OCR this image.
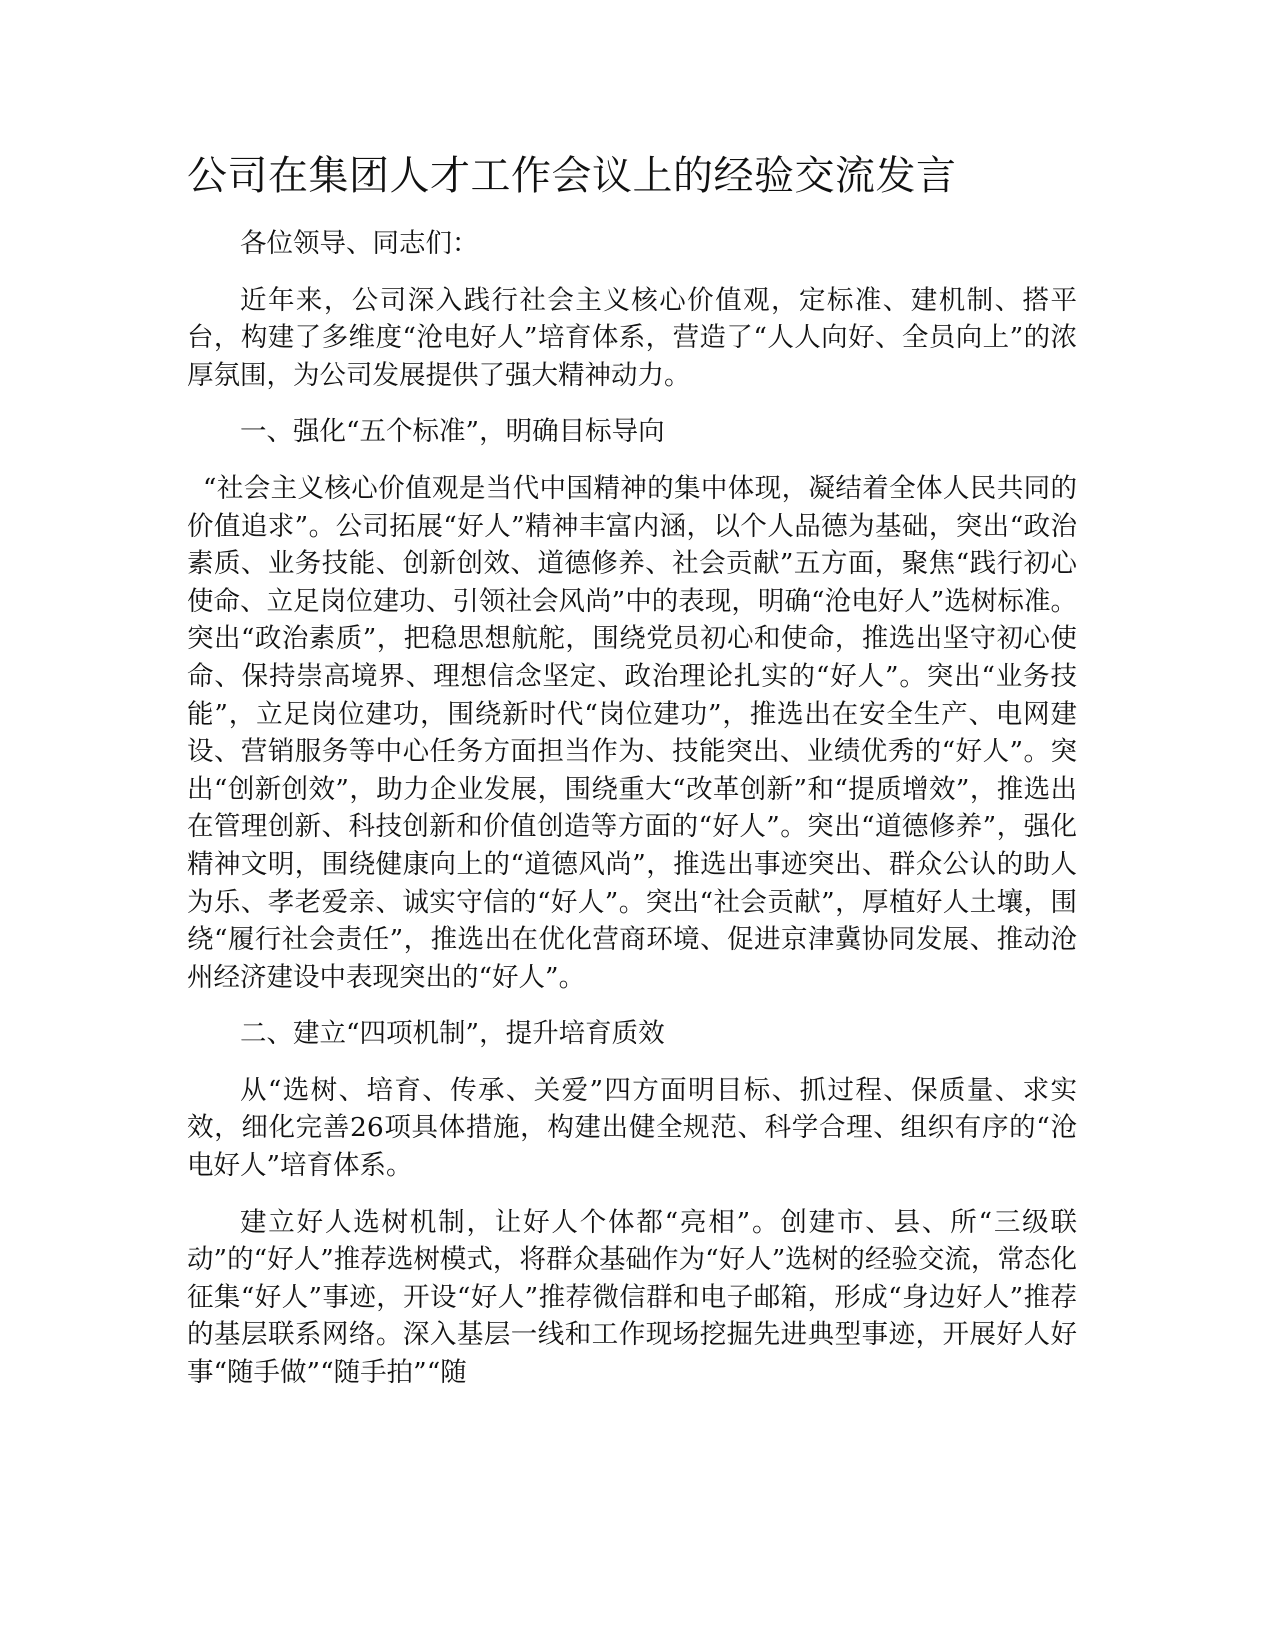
公司在集团人才工作会议上的经验交流发言

各位领导、同志们：

近年来，公司深入践行社会主义核心价值观，定标准、建机制、搭平台，构建了多维度“沧电好人”培育体系，营造了“人人向好、全员向上”的浓厚氛围，为公司发展提供了强大精神动力。

一、强化“五个标准”，明确目标导向

“社会主义核心价值观是当代中国精神的集中体现，凝结着全体人民共同的价值追求”。公司拓展“好人”精神丰富内涵，以个人品德为基础，突出“政治素质、业务技能、创新创效、道德修养、社会贡献”五方面，聚焦“践行初心使命、立足岗位建功、引领社会风尚”中的表现，明确“沧电好人”选树标准。突出“政治素质”，把稳思想航舵，围绕党员初心和使命，推选出坚守初心使命、保持崇高境界、理想信念坚定、政治理论扎实的“好人”。突出“业务技能”，立足岗位建功，围绕新时代“岗位建功”，推选出在安全生产、电网建设、营销服务等中心任务方面担当作为、技能突出、业绩优秀的“好人”。突出“创新创效”，助力企业发展，围绕重大“改革创新”和“提质增效”，推选出在管理创新、科技创新和价值创造等方面的“好人”。突出“道德修养”，强化精神文明，围绕健康向上的“道德风尚”，推选出事迹突出、群众公认的助人为乐、孝老爱亲、诚实守信的“好人”。突出“社会贡献”，厚植好人土壤，围绕“履行社会责任”，推选出在优化营商环境、促进京津冀协同发展、推动沧州经济建设中表现突出的“好人”。

二、建立“四项机制”，提升培育质效

从“选树、培育、传承、关爱”四方面明目标、抓过程、保质量、求实效，细化完善26项具体措施，构建出健全规范、科学合理、组织有序的“沧电好人”培育体系。

建立好人选树机制，让好人个体都“亮相”。创建市、县、所“三级联动”的“好人”推荐选树模式，将群众基础作为“好人”选树的经验交流，常态化征集“好人”事迹，开设“好人”推荐微信群和电子邮箱，形成“身边好人”推荐的基层联系网络。深入基层一线和工作现场挖掘先进典型事迹，开展好人好事“随手做”“随手拍”“随
